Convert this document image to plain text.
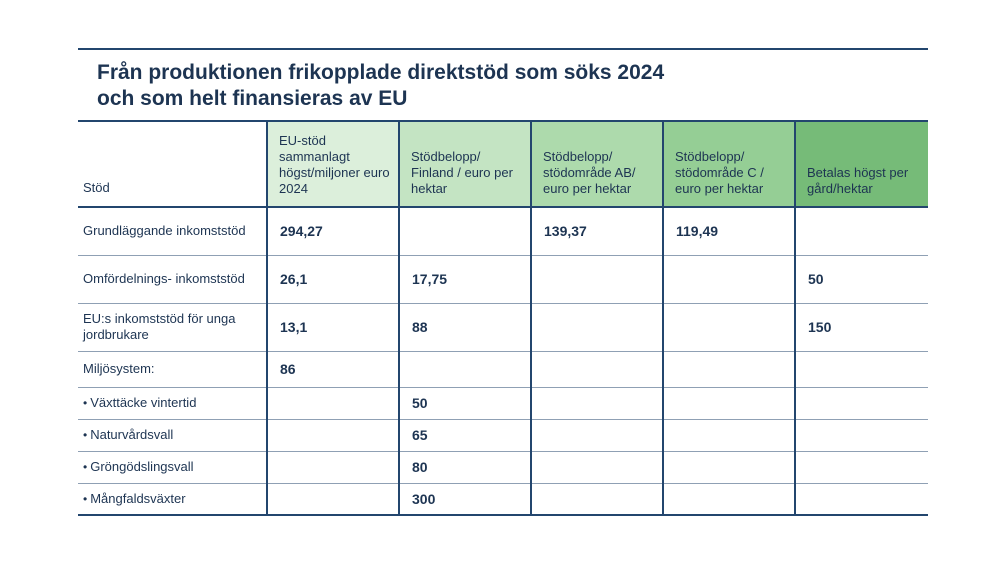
Från produktionen frikopplade direktstöd som söks 2024
och som helt finansieras av EU
Stöd	EU-stöd sammanlagt högst/miljoner euro 2024	Stödbelopp/ Finland / euro per hektar	Stödbelopp/ stödområde AB/ euro per hektar	Stödbelopp/ stödområde C / euro per hektar	Betalas högst per gård/hektar
Grundläggande inkomststöd	294,27		139,37	119,49	
Omfördelnings- inkomststöd	26,1	17,75			50
EU:s inkomststöd för unga jordbrukare	13,1	88			150
Miljösystem:	86				
• Växttäcke vintertid		50			
• Naturvårdsvall		65			
• Gröngödslingsvall		80			
• Mångfaldsväxter		300			
